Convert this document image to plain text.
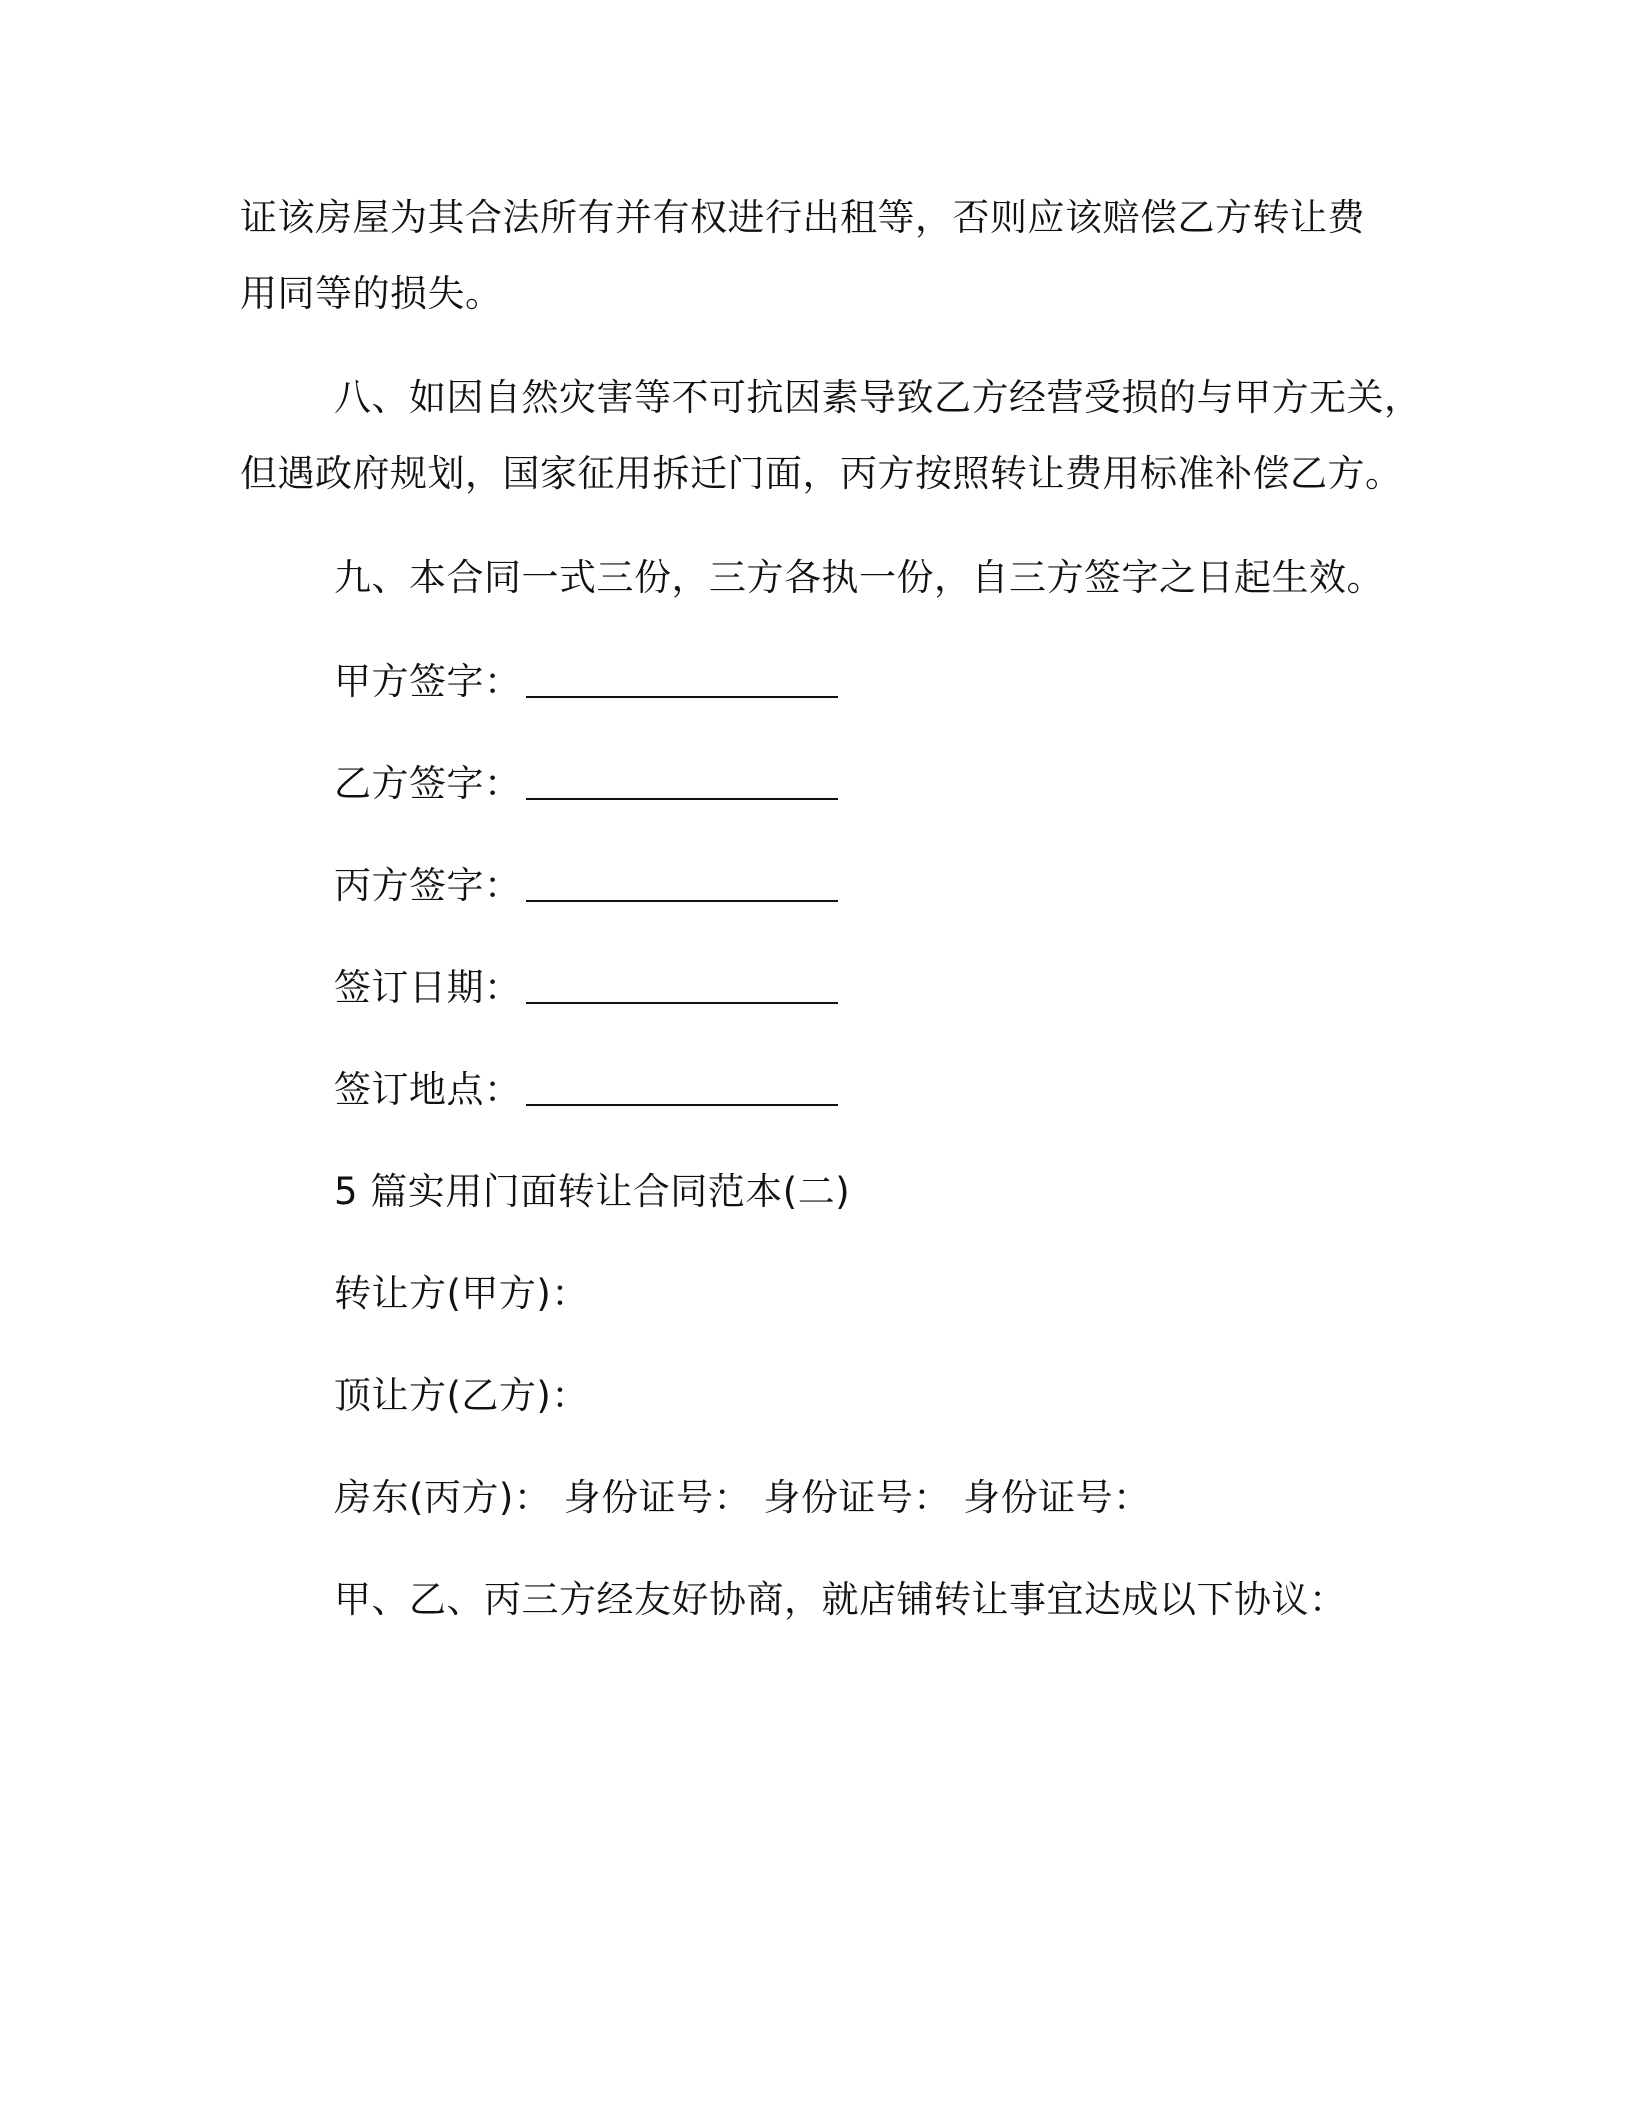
证该房屋为其合法所有并有权进行出租等，否则应该赔偿乙方转让费
用同等的损失。
八、如因自然灾害等不可抗因素导致乙方经营受损的与甲方无关，
但遇政府规划，国家征用拆迁门面，丙方按照转让费用标准补偿乙方。
九、本合同一式三份，三方各执一份，自三方签字之日起生效。
甲方签字：
乙方签字：
丙方签字：
签订日期：
签订地点：
5 篇实用门面转让合同范本(二)
转让方(甲方)：
顶让方(乙方)：
房东(丙方)： 身份证号： 身份证号： 身份证号：
甲、乙、丙三方经友好协商，就店铺转让事宜达成以下协议：
